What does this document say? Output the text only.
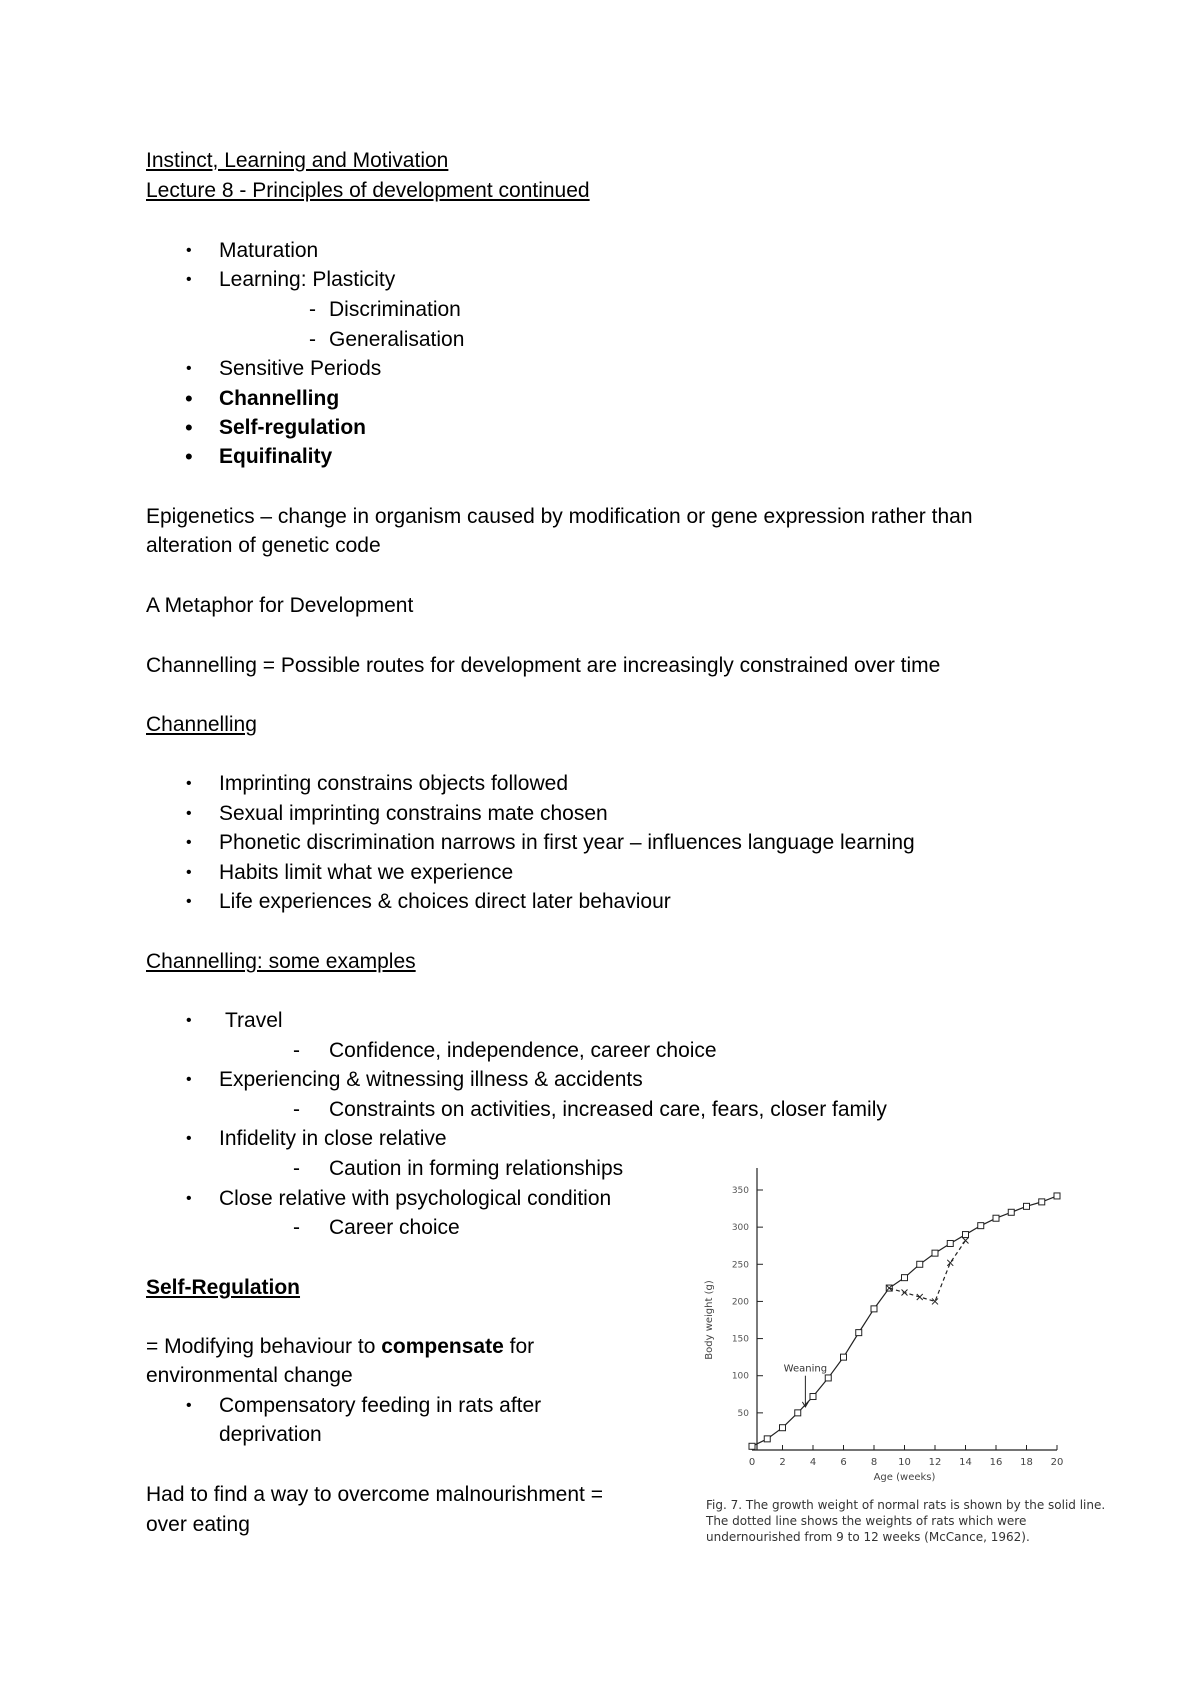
Instinct, Learning and Motivation
Lecture 8 - Principles of development continued
• Maturation
• Learning: Plasticity
- Discrimination
- Generalisation
• Sensitive Periods
• Channelling
• Self-regulation
• Equifinality
Epigenetics – change in organism caused by modification or gene expression rather than
alteration of genetic code
A Metaphor for Development
Channelling = Possible routes for development are increasingly constrained over time
Channelling
• Imprinting constrains objects followed
• Sexual imprinting constrains mate chosen
• Phonetic discrimination narrows in first year – influences language learning
• Habits limit what we experience
• Life experiences & choices direct later behaviour
Channelling: some examples
• Travel
- Confidence, independence, career choice
• Experiencing & witnessing illness & accidents
- Constraints on activities, increased care, fears, closer family
• Infidelity in close relative
- Caution in forming relationships
• Close relative with psychological condition
- Career choice
Self-Regulation
= Modifying behaviour to compensate for
environmental change
• Compensatory feeding in rats after
deprivation
Had to find a way to overcome malnourishment =
over eating
0 2 4 6 8 10 12 14 16 18 20
50
100
150
200
250
300
350
Age (weeks)
Body weight (g)
Weaning
Fig. 7. The growth weight of normal rats is shown by the solid line. The dotted line shows the weights of rats which were undernourished from 9 to 12 weeks (McCance, 1962).
